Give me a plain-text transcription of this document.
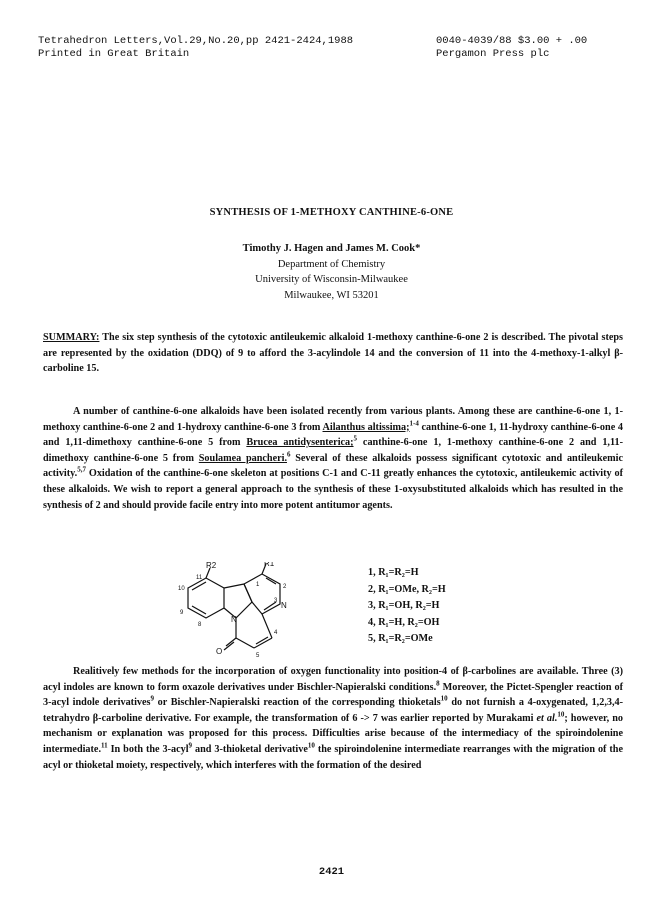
Tetrahedron Letters,Vol.29,No.20,pp 2421-2424,1988
Printed in Great Britain
0040-4039/88 $3.00 + .00
Pergamon Press plc
SYNTHESIS OF 1-METHOXY CANTHINE-6-ONE
Timothy J. Hagen and James M. Cook*
Department of Chemistry
University of Wisconsin-Milwaukee
Milwaukee, WI 53201

SUMMARY: The six step synthesis of the cytotoxic antileukemic alkaloid 1-methoxy canthine-6-one 2 is described. The pivotal steps are represented by the oxidation (DDQ) of 9 to afford the 3-acylindole 14 and the conversion of 11 into the 4-methoxy-1-alkyl β-carboline 15.

A number of canthine-6-one alkaloids have been isolated recently from various plants. Among these are canthine-6-one 1, 1-methoxy canthine-6-one 2 and 1-hydroxy canthine-6-one 3 from Ailanthus altissima;$^{1-4}$ canthine-6-one 1, 11-hydroxy canthine-6-one 4 and 1,11-dimethoxy canthine-6-one 5 from Brucea antidysenterica;$^5$ canthine-6-one 1, 1-methoxy canthine-6-one 2 and 1,11-dimethoxy canthine-6-one 5 from Soulamea pancheri.$^6$ Several of these alkaloids possess significant cytotoxic and antileukemic activity.$^{5,7}$ Oxidation of the canthine-6-one skeleton at positions C-1 and C-11 greatly enhances the cytotoxic, antileukemic activity of these alkaloids. We wish to report a general approach to the synthesis of these 1-oxysubstituted alkaloids which has resulted in the synthesis of 2 and should provide facile entry into more potent antitumor agents.

R2	R1
11
10
9
8
1	2
3
4
5
N
N
O
1, R₁=R₂=H
2, R₁=OMe, R₂=H
3, R₁=OH, R₂=H
4, R₁=H, R₂=OH
5, R₁=R₂=OMe

Realitively few methods for the incorporation of oxygen functionality into position-4 of β-carbolines are available. Three (3) acyl indoles are known to form oxazole derivatives under Bischler-Napieralski conditions.$^8$ Moreover, the Pictet-Spengler reaction of 3-acyl indole derivatives$^9$ or Bischler-Napieralski reaction of the corresponding thioketals$^{10}$ do not furnish a 4-oxygenated, 1,2,3,4-tetrahydro β-carboline derivative. For example, the transformation of 6 -> 7 was earlier reported by Murakami et al.$^{10}$; however, no mechanism or explanation was proposed for this process. Difficulties arise because of the intermediacy of the spiroindolenine intermediate.$^{11}$ In both the 3-acyl$^9$ and 3-thioketal derivative$^{10}$ the spiroindolenine intermediate rearranges with the migration of the acyl or thioketal moiety, respectively, which interferes with the formation of the desired

2421
